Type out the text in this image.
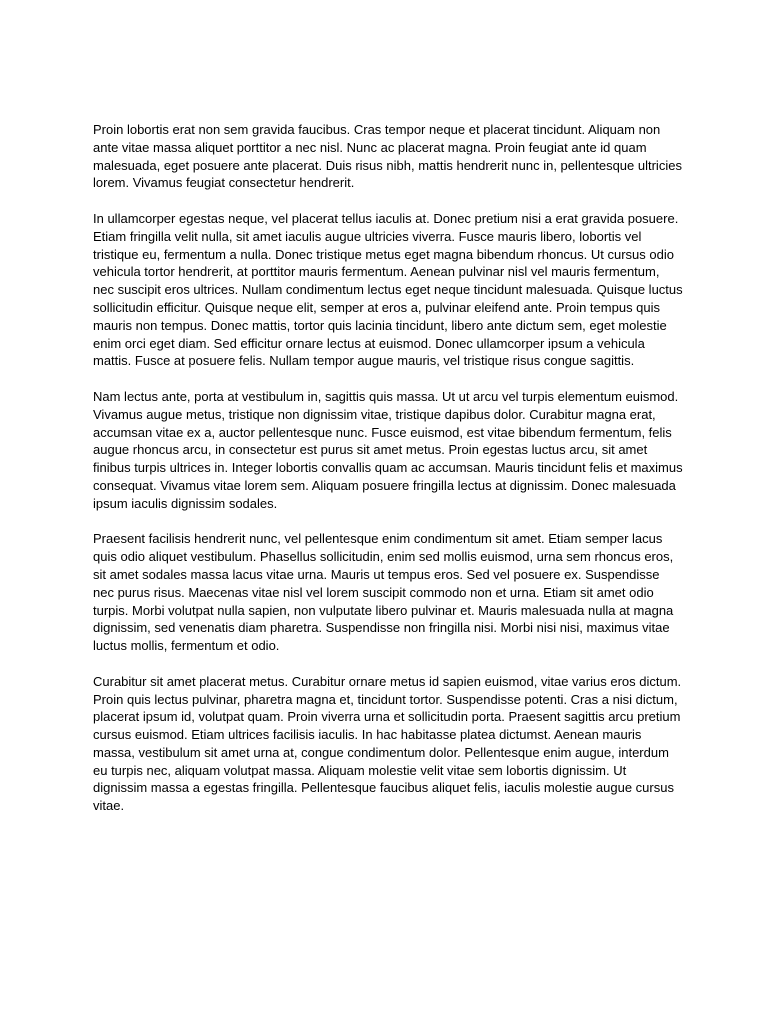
Proin lobortis erat non sem gravida faucibus. Cras tempor neque et placerat tincidunt. Aliquam non ante vitae massa aliquet porttitor a nec nisl. Nunc ac placerat magna. Proin feugiat ante id quam malesuada, eget posuere ante placerat. Duis risus nibh, mattis hendrerit nunc in, pellentesque ultricies lorem. Vivamus feugiat consectetur hendrerit.

In ullamcorper egestas neque, vel placerat tellus iaculis at. Donec pretium nisi a erat gravida posuere. Etiam fringilla velit nulla, sit amet iaculis augue ultricies viverra. Fusce mauris libero, lobortis vel tristique eu, fermentum a nulla. Donec tristique metus eget magna bibendum rhoncus. Ut cursus odio vehicula tortor hendrerit, at porttitor mauris fermentum. Aenean pulvinar nisl vel mauris fermentum, nec suscipit eros ultrices. Nullam condimentum lectus eget neque tincidunt malesuada. Quisque luctus sollicitudin efficitur. Quisque neque elit, semper at eros a, pulvinar eleifend ante. Proin tempus quis mauris non tempus. Donec mattis, tortor quis lacinia tincidunt, libero ante dictum sem, eget molestie enim orci eget diam. Sed efficitur ornare lectus at euismod. Donec ullamcorper ipsum a vehicula mattis. Fusce at posuere felis. Nullam tempor augue mauris, vel tristique risus congue sagittis.

Nam lectus ante, porta at vestibulum in, sagittis quis massa. Ut ut arcu vel turpis elementum euismod. Vivamus augue metus, tristique non dignissim vitae, tristique dapibus dolor. Curabitur magna erat, accumsan vitae ex a, auctor pellentesque nunc. Fusce euismod, est vitae bibendum fermentum, felis augue rhoncus arcu, in consectetur est purus sit amet metus. Proin egestas luctus arcu, sit amet finibus turpis ultrices in. Integer lobortis convallis quam ac accumsan. Mauris tincidunt felis et maximus consequat. Vivamus vitae lorem sem. Aliquam posuere fringilla lectus at dignissim. Donec malesuada ipsum iaculis dignissim sodales.

Praesent facilisis hendrerit nunc, vel pellentesque enim condimentum sit amet. Etiam semper lacus quis odio aliquet vestibulum. Phasellus sollicitudin, enim sed mollis euismod, urna sem rhoncus eros, sit amet sodales massa lacus vitae urna. Mauris ut tempus eros. Sed vel posuere ex. Suspendisse nec purus risus. Maecenas vitae nisl vel lorem suscipit commodo non et urna. Etiam sit amet odio turpis. Morbi volutpat nulla sapien, non vulputate libero pulvinar et. Mauris malesuada nulla at magna dignissim, sed venenatis diam pharetra. Suspendisse non fringilla nisi. Morbi nisi nisi, maximus vitae luctus mollis, fermentum et odio.

Curabitur sit amet placerat metus. Curabitur ornare metus id sapien euismod, vitae varius eros dictum. Proin quis lectus pulvinar, pharetra magna et, tincidunt tortor. Suspendisse potenti. Cras a nisi dictum, placerat ipsum id, volutpat quam. Proin viverra urna et sollicitudin porta. Praesent sagittis arcu pretium cursus euismod. Etiam ultrices facilisis iaculis. In hac habitasse platea dictumst. Aenean mauris massa, vestibulum sit amet urna at, congue condimentum dolor. Pellentesque enim augue, interdum eu turpis nec, aliquam volutpat massa. Aliquam molestie velit vitae sem lobortis dignissim. Ut dignissim massa a egestas fringilla. Pellentesque faucibus aliquet felis, iaculis molestie augue cursus vitae.
